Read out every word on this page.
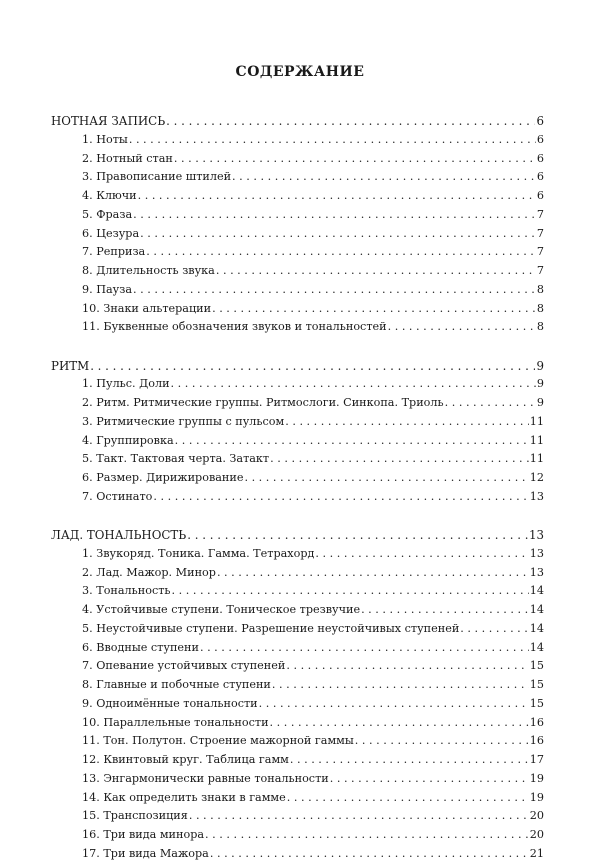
СОДЕРЖАНИЕ
НОТНАЯ ЗАПИСЬ . . .	6
1. Ноты . . .	6
2. Нотный стан . . .	6
3. Правописание штилей . . .	6
4. Ключи . . .	6
5. Фраза . . .	7
6. Цезура . . .	7
7. Реприза . . .	7
8. Длительность звука . . .	7
9. Пауза . . .	8
10. Знаки альтерации . . .	8
11. Буквенные обозначения звуков и тональностей . . .	8
РИТМ . . .	9
1. Пульс. Доли . . .	9
2. Ритм. Ритмические группы. Ритмослоги. Синкопа. Триоль . . .	9
3. Ритмические группы с пульсом . . .	11
4. Группировка . . .	11
5. Такт. Тактовая черта. Затакт . . .	11
6. Размер. Дирижирование . . .	12
7. Остинато . . .	13
ЛАД. ТОНАЛЬНОСТЬ . . .	13
1. Звукоряд. Тоника. Гамма. Тетрахорд . . .	13
2. Лад. Мажор. Минор . . .	13
3. Тональность . . .	14
4. Устойчивые ступени. Тоническое трезвучие . . .	14
5. Неустойчивые ступени. Разрешение неустойчивых ступеней . . .	14
6. Вводные ступени . . .	14
7. Опевание устойчивых ступеней . . .	15
8. Главные и побочные ступени . . .	15
9. Одноимённые тональности . . .	15
10. Параллельные тональности . . .	16
11. Тон. Полутон. Строение мажорной гаммы . . .	16
12. Квинтовый круг. Таблица гамм . . .	17
13. Энгармонически равные тональности . . .	19
14. Как определить знаки в гамме . . .	19
15. Транспозиция . . .	20
16. Три вида минора . . .	20
17. Три вида Мажора . . .	21
